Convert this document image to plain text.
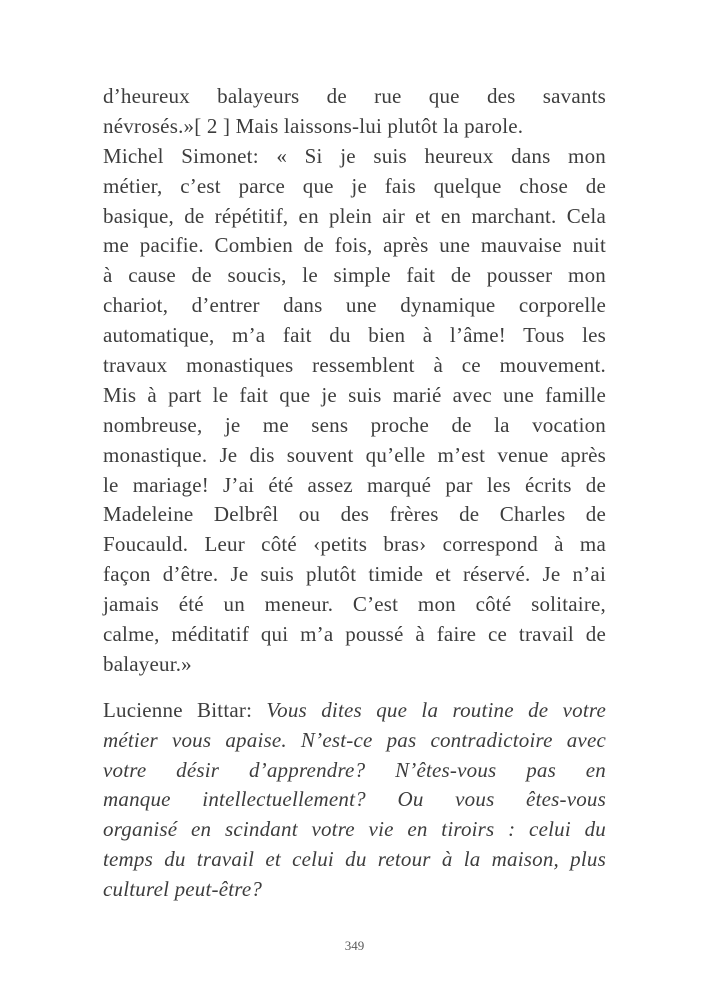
d’heureux balayeurs de rue que des savants
névrosés.»[ 2 ] Mais laissons-lui plutôt la parole.

Michel Simonet: « Si je suis heureux dans mon
métier, c’est parce que je fais quelque chose de
basique, de répétitif, en plein air et en marchant. Cela
me pacifie. Combien de fois, après une mauvaise nuit
à cause de soucis, le simple fait de pousser mon
chariot, d’entrer dans une dynamique corporelle
automatique, m’a fait du bien à l’âme! Tous les
travaux monastiques ressemblent à ce mouvement.
Mis à part le fait que je suis marié avec une famille
nombreuse, je me sens proche de la vocation
monastique. Je dis souvent qu’elle m’est venue après
le mariage! J’ai été assez marqué par les écrits de
Madeleine Delbrêl ou des frères de Charles de
Foucauld. Leur côté ‹petits bras› correspond à ma
façon d’être. Je suis plutôt timide et réservé. Je n’ai
jamais été un meneur. C’est mon côté solitaire,
calme, méditatif qui m’a poussé à faire ce travail de
balayeur.»

Lucienne Bittar: Vous dites que la routine de votre
métier vous apaise. N’est-ce pas contradictoire avec
votre désir d’apprendre? N’êtes-vous pas en
manque intellectuellement? Ou vous êtes-vous
organisé en scindant votre vie en tiroirs : celui du
temps du travail et celui du retour à la maison, plus
culturel peut-être?

349
